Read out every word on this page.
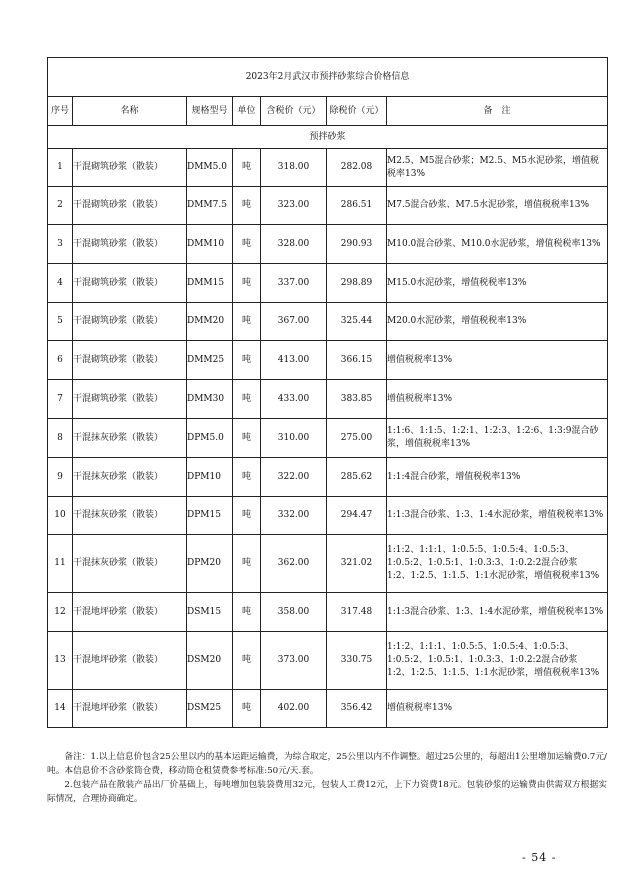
2023年2月武汉市预拌砂浆综合价格信息						
序号	名称	规格型号	单位	含税价（元）	除税价（元）	备　注
预拌砂浆						
1	干混砌筑砂浆（散装）	DMM5.0	吨	318.00	282.08	M2.5、M5混合砂浆；M2.5、M5水泥砂浆，增值税税率13%
2	干混砌筑砂浆（散装）	DMM7.5	吨	323.00	286.51	M7.5混合砂浆、M7.5水泥砂浆，增值税税率13%
3	干混砌筑砂浆（散装）	DMM10	吨	328.00	290.93	M10.0混合砂浆、M10.0水泥砂浆，增值税税率13%
4	干混砌筑砂浆（散装）	DMM15	吨	337.00	298.89	M15.0水泥砂浆，增值税税率13%
5	干混砌筑砂浆（散装）	DMM20	吨	367.00	325.44	M20.0水泥砂浆，增值税税率13%
6	干混砌筑砂浆（散装）	DMM25	吨	413.00	366.15	增值税税率13%
7	干混砌筑砂浆（散装）	DMM30	吨	433.00	383.85	增值税税率13%
8	干混抹灰砂浆（散装）	DPM5.0	吨	310.00	275.00	1:1:6、1:1:5、1:2:1、1:2:3、1:2:6、1:3:9混合砂浆，增值税税率13%
9	干混抹灰砂浆（散装）	DPM10	吨	322.00	285.62	1:1:4混合砂浆，增值税税率13%
10	干混抹灰砂浆（散装）	DPM15	吨	332.00	294.47	1:1:3混合砂浆、1:3、1:4水泥砂浆，增值税税率13%
11	干混抹灰砂浆（散装）	DPM20	吨	362.00	321.02	1:1:2、1:1:1、1:0.5:5、1:0.5:4、1:0.5:3、1:0.5:2、1:0.5:1、1:0.3:3、1:0.2:2混合砂浆　1:2、1:2.5、1:1.5、1:1水泥砂浆，增值税税率13%
12	干混地坪砂浆（散装）	DSM15	吨	358.00	317.48	1:1:3混合砂浆、1:3、1:4水泥砂浆，增值税税率13%
13	干混地坪砂浆（散装）	DSM20	吨	373.00	330.75	1:1:2、1:1:1、1:0.5:5、1:0.5:4、1:0.5:3、1:0.5:2、1:0.5:1、1:0.3:3、1:0.2:2混合砂浆　1:2、1:2.5、1:1.5、1:1水泥砂浆，增值税税率13%
14	干混地坪砂浆（散装）	DSM25	吨	402.00	356.42	增值税税率13%

备注：1.以上信息价包含25公里以内的基本运距运输费，为综合取定，25公里以内不作调整。超过25公里的，每超出1公里增加运输费0.7元/吨。本信息价不含砂浆筒仓费，移动筒仓租赁费参考标准:50元/天.套。

2.包装产品在散装产品出厂价基础上，每吨增加包装袋费用32元，包装人工费12元，上下力资费18元。包装砂浆的运输费由供需双方根据实际情况，合理协商确定。

- 54 -
